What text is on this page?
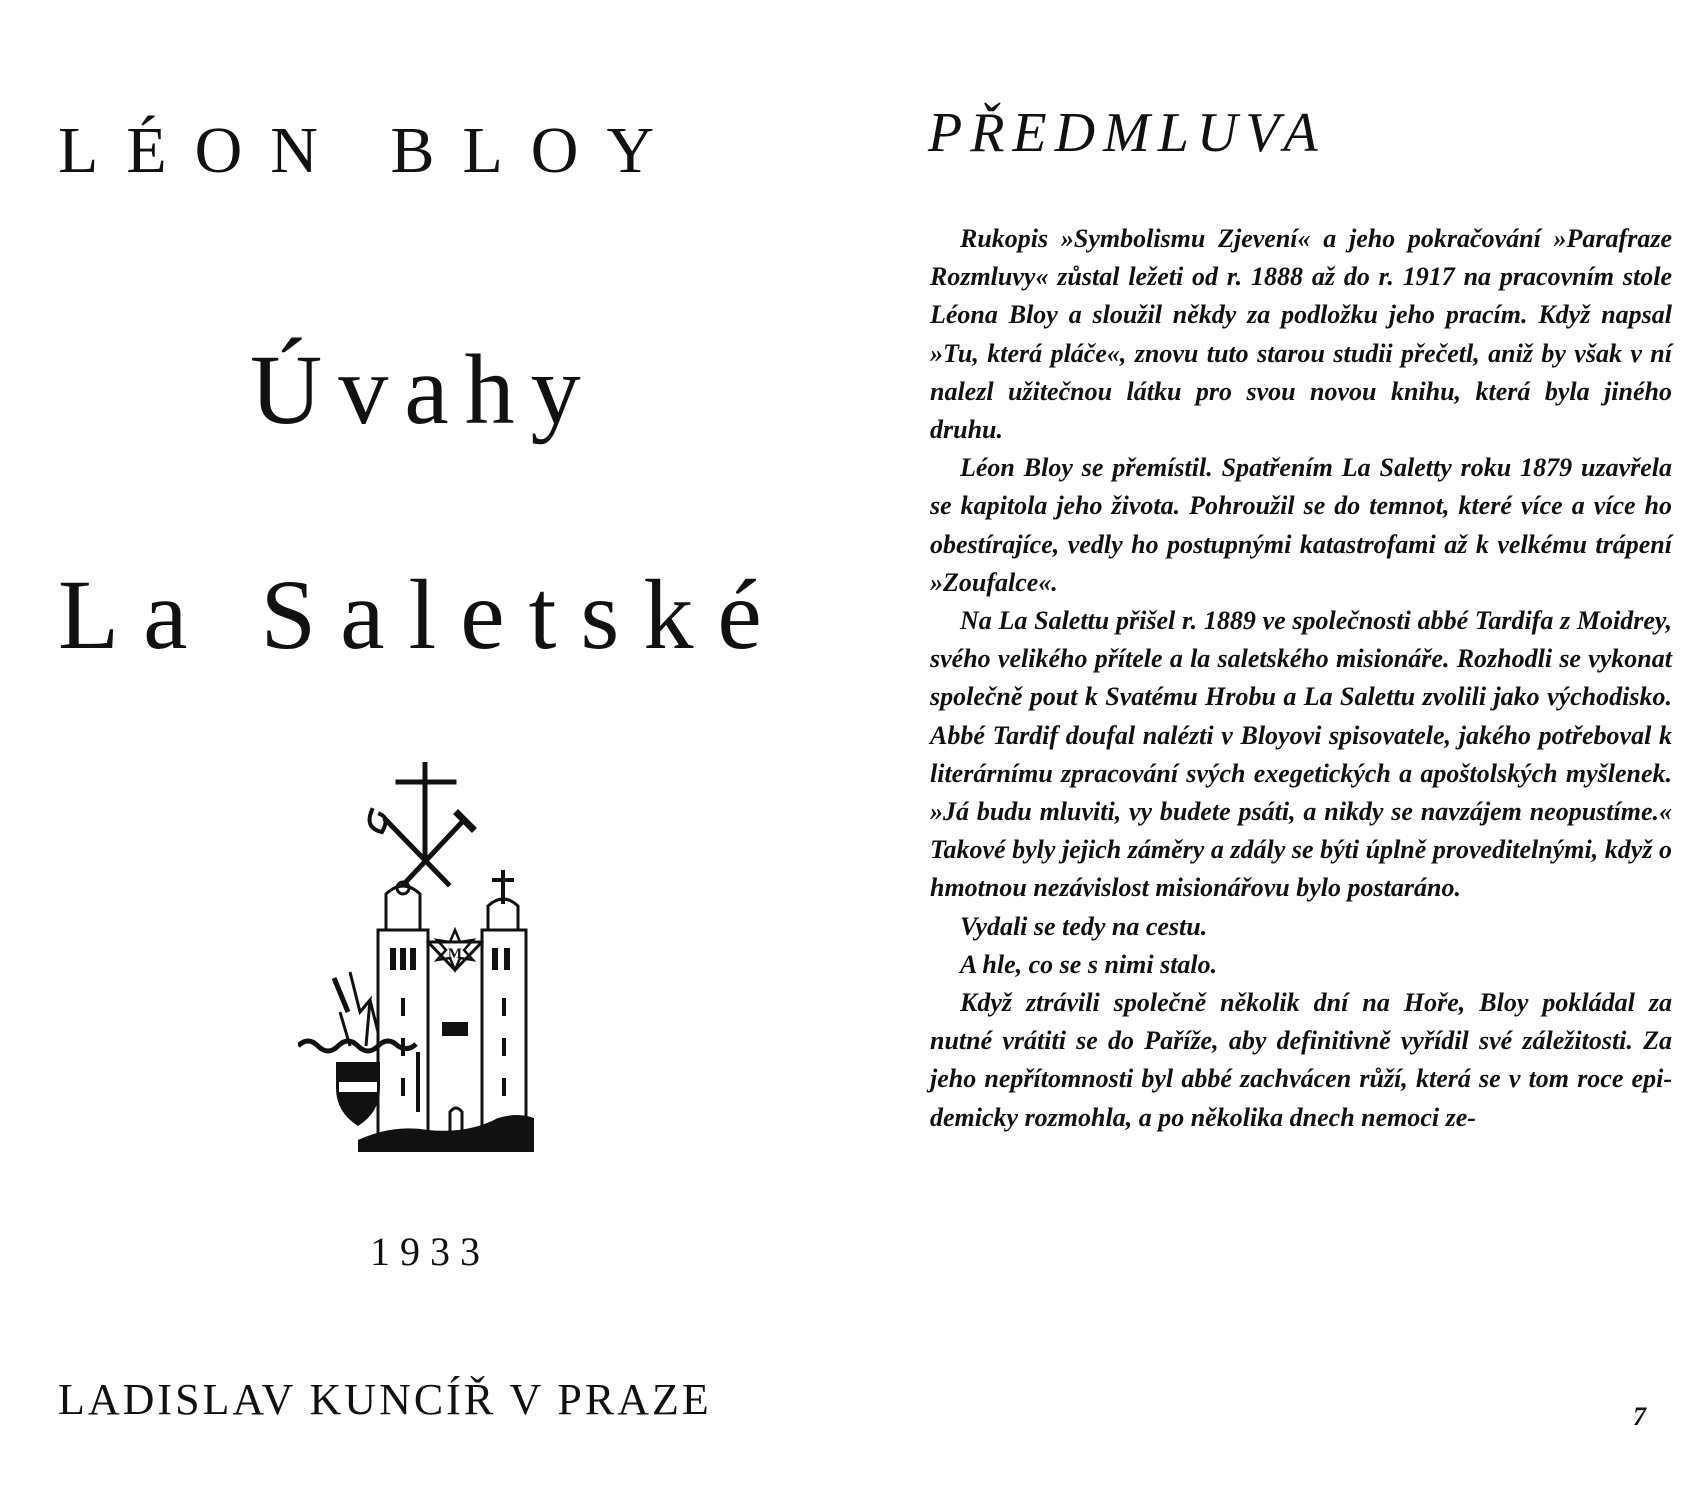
LÉON BLOY
Úvahy
La Saletské
M
1933
LADISLAV KUNCÍŘ V PRAZE
PŘEDMLUVA

Rukopis »Symbolismu Zjevení« a jeho pokračování »Parafraze Rozmluvy« zůstal ležeti od r. 1888 až do r. 1917 na pracovním stole Léona Bloy a sloužil někdy za podložku jeho pracím. Když napsal »Tu, která pláče«, znovu tuto starou studii přečetl, aniž by však v ní nalezl užitečnou látku pro svou novou knihu, která byla jiného druhu.

Léon Bloy se přemístil. Spatřením La Saletty roku 1879 uzavřela se kapitola jeho života. Pohroužil se do temnot, které více a více ho obestírajíce, vedly ho postupnými katastrofami až k velkému trápení »Zoufalce«.

Na La Salettu přišel r. 1889 ve společnosti abbé Tardifa z Moidrey, svého velikého přítele a la saletského misionáře. Rozhodli se vykonat společně pout k Svatému Hrobu a La Salettu zvolili jako východisko. Abbé Tardif doufal nalézti v Bloyovi spisovatele, jakého potřeboval k literárnímu zpracování svých exegetických a apoštolských myšlenek. »Já budu mluviti, vy budete psáti, a nikdy se navzájem neopustíme.« Takové byly jejich záměry a zdály se býti úplně proveditelnými, když o hmotnou nezávislost misionářovu bylo postaráno.

Vydali se tedy na cestu.

A hle, co se s nimi stalo.

Když ztrávili společně několik dní na Hoře, Bloy pokládal za nutné vrátiti se do Paříže, aby definitivně vyřídil své záležitosti. Za jeho nepřítomnosti byl abbé zachvácen růží, která se v tom roce epidemicky rozmohla, a po několika dnech nemoci ze-

7
